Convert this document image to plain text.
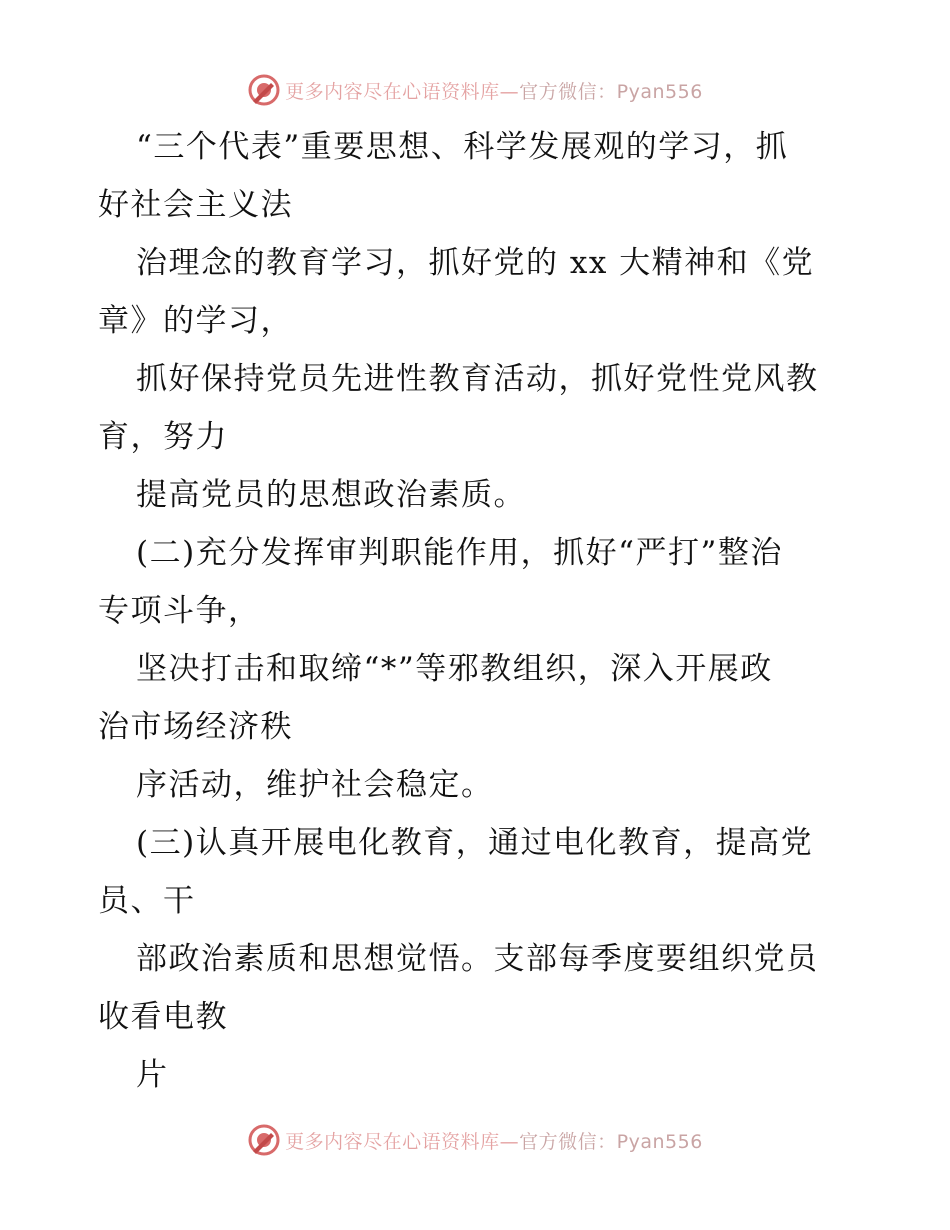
更多内容尽在心语资料库—官方微信：Pyan556
“三个代表”重要思想、科学发展观的学习，抓
好社会主义法
治理念的教育学习，抓好党的 xx 大精神和《党
章》的学习，
抓好保持党员先进性教育活动，抓好党性党风教
育，努力
提高党员的思想政治素质。
(二)充分发挥审判职能作用，抓好“严打”整治
专项斗争，
坚决打击和取缔“*”等邪教组织，深入开展政
治市场经济秩
序活动，维护社会稳定。
(三)认真开展电化教育，通过电化教育，提高党
员、干
部政治素质和思想觉悟。支部每季度要组织党员
收看电教
片
更多内容尽在心语资料库—官方微信：Pyan556
